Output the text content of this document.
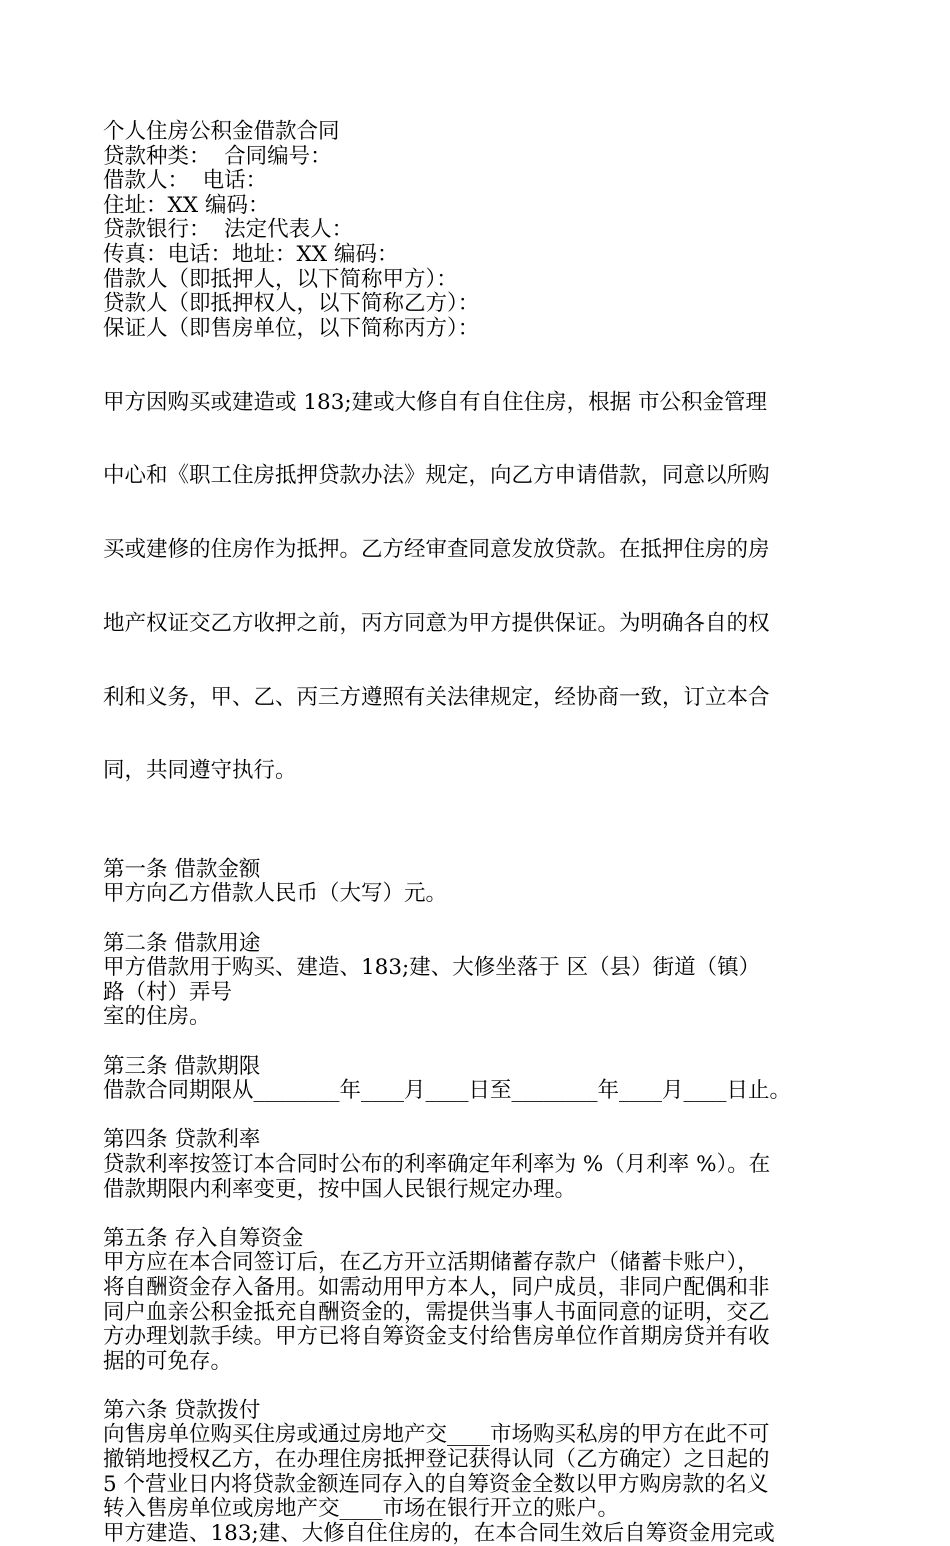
个人住房公积金借款合同
贷款种类：  合同编号：
借款人：  电话：
住址：XX 编码：
贷款银行：  法定代表人：
传真：电话：地址：XX 编码：
借款人（即抵押人，以下简称甲方）：
贷款人（即抵押权人，以下简称乙方）：
保证人（即售房单位，以下简称丙方）：

甲方因购买或建造或 183;建或大修自有自住住房，根据 市公积金管理

中心和《职工住房抵押贷款办法》规定，向乙方申请借款，同意以所购

买或建修的住房作为抵押。乙方经审查同意发放贷款。在抵押住房的房

地产权证交乙方收押之前，丙方同意为甲方提供保证。为明确各自的权

利和义务，甲、乙、丙三方遵照有关法律规定，经协商一致，订立本合

同，共同遵守执行。

第一条 借款金额
甲方向乙方借款人民币（大写）元。
第二条 借款用途
甲方借款用于购买、建造、183;建、大修坐落于 区（县）街道（镇）
路（村）弄号
室的住房。
第三条 借款期限
借款合同期限从________年____月____日至________年____月____日止。
第四条 贷款利率
贷款利率按签订本合同时公布的利率确定年利率为 %（月利率 %）。在
借款期限内利率变更，按中国人民银行规定办理。
第五条 存入自筹资金
甲方应在本合同签订后，在乙方开立活期储蓄存款户（储蓄卡账户），
将自酬资金存入备用。如需动用甲方本人，同户成员，非同户配偶和非
同户血亲公积金抵充自酬资金的，需提供当事人书面同意的证明，交乙
方办理划款手续。甲方已将自筹资金支付给售房单位作首期房贷并有收
据的可免存。
第六条 贷款拨付
向售房单位购买住房或通过房地产交____市场购买私房的甲方在此不可
撤销地授权乙方，在办理住房抵押登记获得认同（乙方确定）之日起的
5 个营业日内将贷款金额连同存入的自筹资金全数以甲方购房款的名义
转入售房单位或房地产交____市场在银行开立的账户。
甲方建造、183;建、大修自住住房的，在本合同生效后自筹资金用完或
